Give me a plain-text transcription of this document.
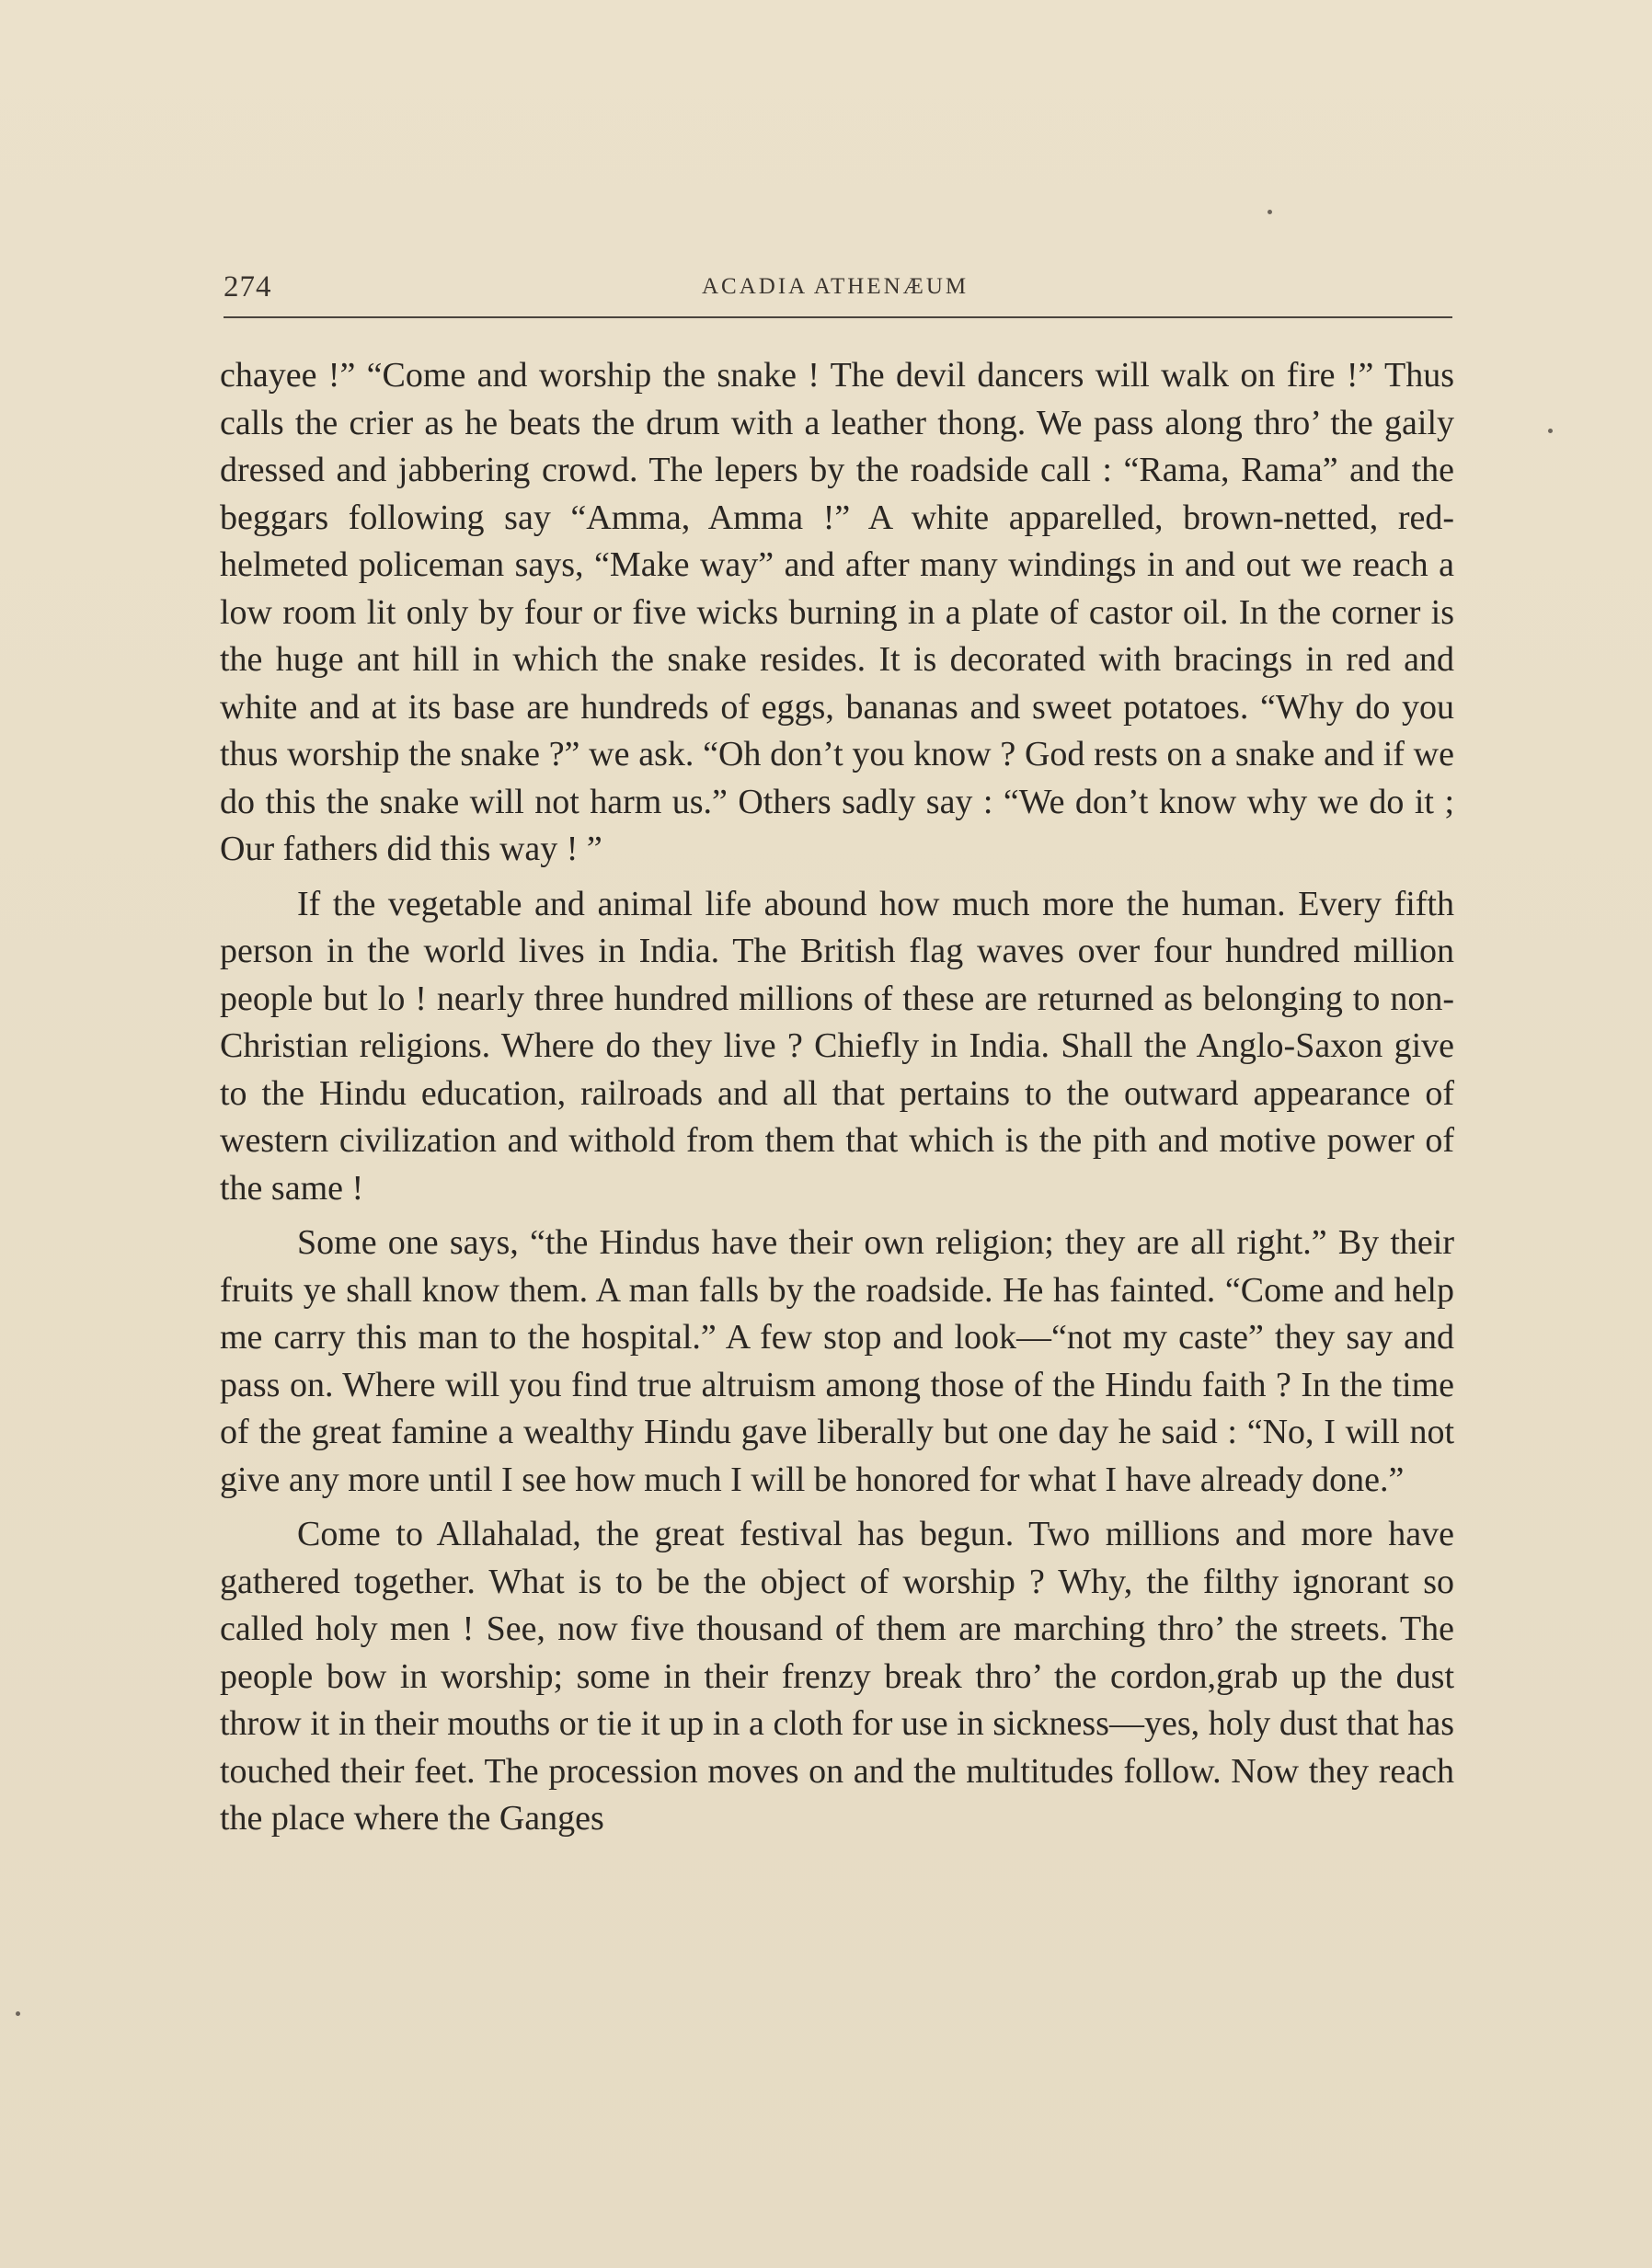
274	ACADIA ATHENÆUM

chayee !” “Come and worship the snake ! The devil dancers will walk on fire !” Thus calls the crier as he beats the drum with a leather thong. We pass along thro’ the gaily dressed and jabbering crowd. The lepers by the roadside call : “Rama, Rama” and the beggars following say “Amma, Amma !” A white apparelled, brown-netted, red-helmeted policeman says, “Make way” and after many windings in and out we reach a low room lit only by four or five wicks burning in a plate of castor oil. In the corner is the huge ant hill in which the snake resides. It is decorated with bracings in red and white and at its base are hundreds of eggs, bananas and sweet potatoes. “Why do you thus worship the snake ?” we ask. “Oh don’t you know ? God rests on a snake and if we do this the snake will not harm us.” Others sadly say : “We don’t know why we do it ; Our fathers did this way ! ”

If the vegetable and animal life abound how much more the human. Every fifth person in the world lives in India. The British flag waves over four hundred million people but lo ! nearly three hundred millions of these are returned as belonging to non-Christian religions. Where do they live ? Chiefly in India. Shall the Anglo-Saxon give to the Hindu education, railroads and all that pertains to the outward appearance of western civilization and withold from them that which is the pith and motive power of the same !

Some one says, “the Hindus have their own religion; they are all right.” By their fruits ye shall know them. A man falls by the roadside. He has fainted. “Come and help me carry this man to the hospital.” A few stop and look—“not my caste” they say and pass on. Where will you find true altruism among those of the Hindu faith ? In the time of the great famine a wealthy Hindu gave liberally but one day he said : “No, I will not give any more until I see how much I will be honored for what I have already done.”

Come to Allahalad, the great festival has begun. Two millions and more have gathered together. What is to be the object of worship ? Why, the filthy ignorant so called holy men ! See, now five thousand of them are marching thro’ the streets. The people bow in worship; some in their frenzy break thro’ the cordon,grab up the dust throw it in their mouths or tie it up in a cloth for use in sickness—yes, holy dust that has touched their feet. The procession moves on and the multitudes follow. Now they reach the place where the Ganges
